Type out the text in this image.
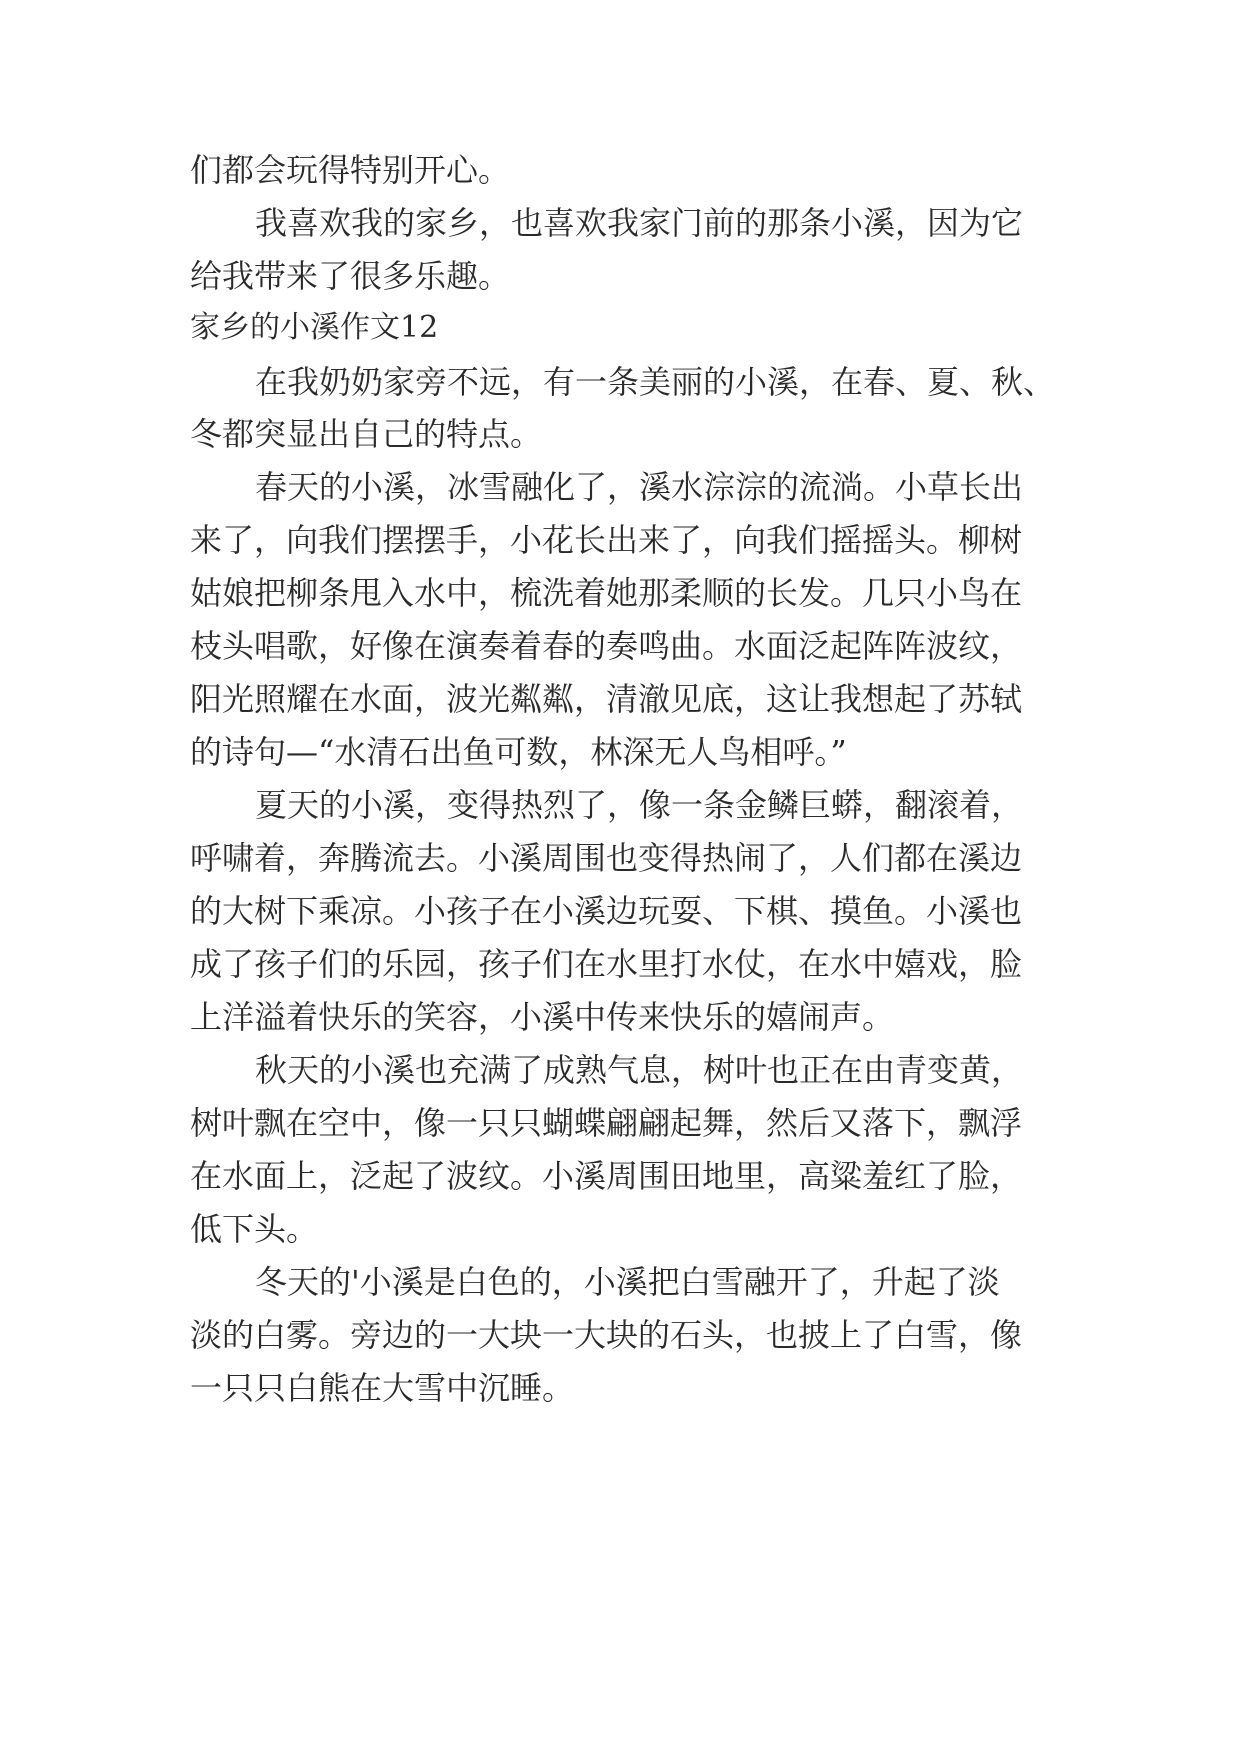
们都会玩得特别开心。
我喜欢我的家乡，也喜欢我家门前的那条小溪，因为它
给我带来了很多乐趣。
家乡的小溪作文12
在我奶奶家旁不远，有一条美丽的小溪，在春、夏、秋、
冬都突显出自己的特点。
春天的小溪，冰雪融化了，溪水淙淙的流淌。小草长出
来了，向我们摆摆手，小花长出来了，向我们摇摇头。柳树
姑娘把柳条甩入水中，梳洗着她那柔顺的长发。几只小鸟在
枝头唱歌，好像在演奏着春的奏鸣曲。水面泛起阵阵波纹，
阳光照耀在水面，波光粼粼，清澈见底，这让我想起了苏轼
的诗句—“水清石出鱼可数，林深无人鸟相呼。”
夏天的小溪，变得热烈了，像一条金鳞巨蟒，翻滚着，
呼啸着，奔腾流去。小溪周围也变得热闹了，人们都在溪边
的大树下乘凉。小孩子在小溪边玩耍、下棋、摸鱼。小溪也
成了孩子们的乐园，孩子们在水里打水仗，在水中嬉戏，脸
上洋溢着快乐的笑容，小溪中传来快乐的嬉闹声。
秋天的小溪也充满了成熟气息，树叶也正在由青变黄，
树叶飘在空中，像一只只蝴蝶翩翩起舞，然后又落下，飘浮
在水面上，泛起了波纹。小溪周围田地里，高粱羞红了脸，
低下头。
冬天的'小溪是白色的，小溪把白雪融开了，升起了淡
淡的白雾。旁边的一大块一大块的石头，也披上了白雪，像
一只只白熊在大雪中沉睡。
